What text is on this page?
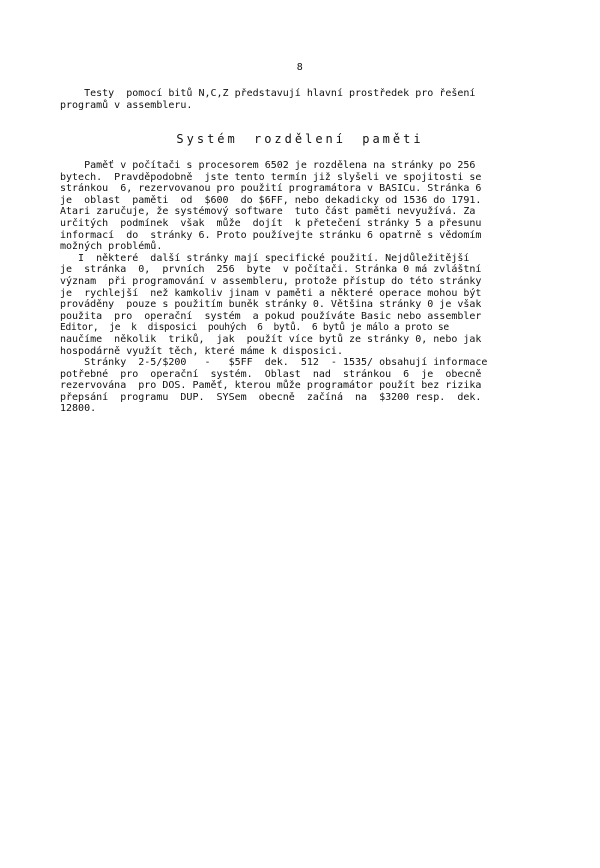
8
Testy  pomocí bitů N,C,Z představují hlavní prostředek pro řešení
programů v assembleru.
Systém rozdělení paměti
Paměť v počítači s procesorem 6502 je rozdělena na stránky po 256
bytech.  Pravděpodobně  jste tento termín již slyšeli ve spojitosti se
stránkou  6, rezervovanou pro použití programátora v BASICu. Stránka 6
je  oblast  paměti  od  $600  do $6FF, nebo dekadicky od 1536 do 1791.
Atari zaručuje, že systémový software  tuto část paměti nevyužívá. Za
určitých  podmínek  však  může  dojít  k přetečení stránky 5 a přesunu
informací  do  stránky 6. Proto používejte stránku 6 opatrně s vědomím
možných problémů.
I  některé  další stránky mají specifické použití. Nejdůležitější
je  stránka  0,  prvních  256  byte  v počítači. Stránka 0 má zvláštní
význam  při programování v assembleru, protože přístup do této stránky
je  rychlejší  než kamkoliv jinam v paměti a některé operace mohou být
prováděny  pouze s použitím buněk stránky 0. Většina stránky 0 je však
použita  pro  operační  systém  a pokud používáte Basic nebo assembler
Editor,  je  k  disposici  pouhých  6  bytů.  6 bytů je málo a proto se
naučíme  několik  triků,  jak  použít více bytů ze stránky 0, nebo jak
hospodárně využít těch, které máme k disposici.
Stránky  2-5/$200   -   $5FF  dek.  512  - 1535/ obsahují informace
potřebné  pro  operační  systém.  Oblast  nad  stránkou  6  je  obecně
rezervována  pro DOS. Paměť, kterou může programátor použít bez rizika
přepsání  programu  DUP.  SYSem  obecně  začíná  na  $3200 resp.  dek.
12800.
